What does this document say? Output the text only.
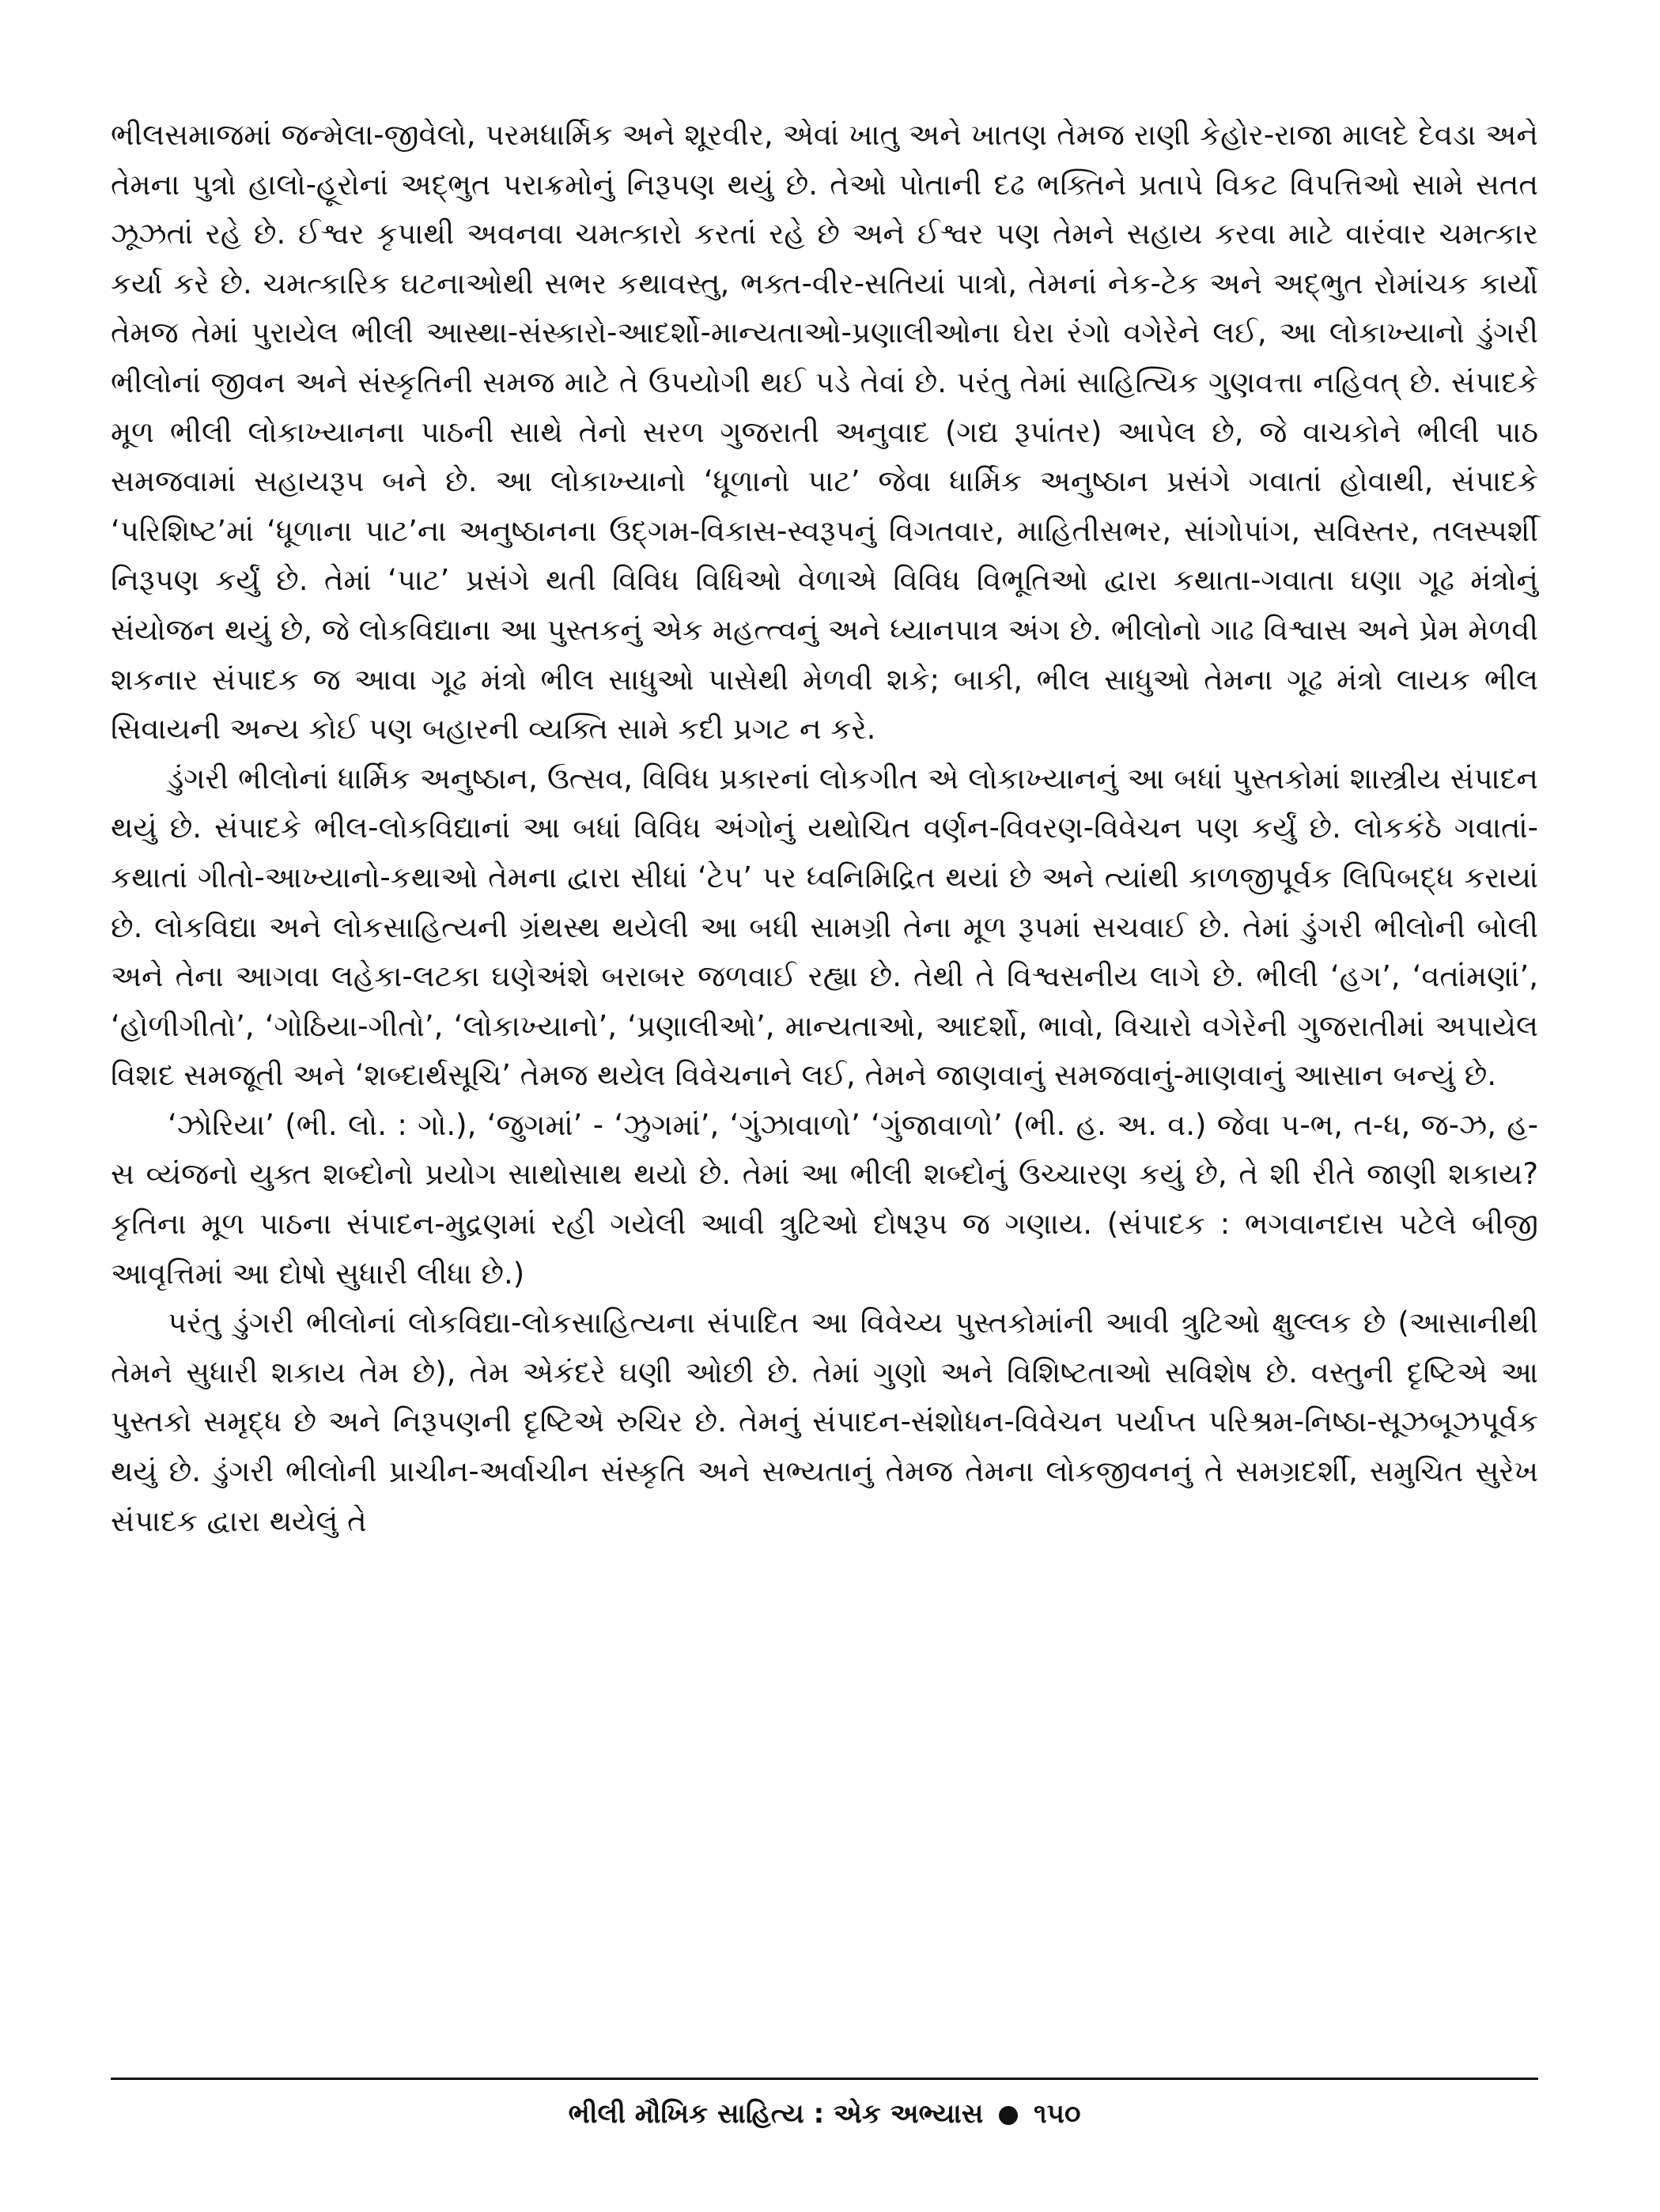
ભીલસમાજમાં જન્મેલા-જીવેલો, પરમધાર્મિક અને શૂરવીર, એવાં ખાતુ અને ખાતણ તેમજ રાણી કેહોર-રાજા માલદે દેવડા અને તેમના પુત્રો હાલો-હૂરોનાં અદ્‌ભુત પરાક્રમોનું નિરૂપણ થયું છે. તેઓ પોતાની દઢ ભક્તિને પ્રતાપે વિકટ વિપત્તિઓ સામે સતત ઝૂઝતાં રહે છે. ઈશ્વર કૃપાથી અવનવા ચમત્કારો કરતાં રહે છે અને ઈશ્વર પણ તેમને સહાય કરવા માટે વારંવાર ચમત્કાર કર્યા કરે છે. ચમત્કારિક ઘટનાઓથી સભર કથાવસ્તુ, ભક્ત-વીર-સતિયાં પાત્રો, તેમનાં નેક-ટેક અને અદ્‌ભુત રોમાંચક કાર્યો તેમજ તેમાં પુરાયેલ ભીલી આસ્થા-સંસ્કારો-આદર્શો-માન્યતાઓ-પ્રણાલીઓના ઘેરા રંગો વગેરેને લઈ, આ લોકાખ્યાનો ડુંગરી ભીલોનાં જીવન અને સંસ્કૃતિની સમજ માટે તે ઉપયોગી થઈ પડે તેવાં છે. પરંતુ તેમાં સાહિત્યિક ગુણવત્તા નહિવત્ છે. સંપાદકે મૂળ ભીલી લોકાખ્યાનના પાઠની સાથે તેનો સરળ ગુજરાતી અનુવાદ (ગદ્ય રૂપાંતર) આપેલ છે, જે વાચકોને ભીલી પાઠ સમજવામાં સહાયરૂપ બને છે. આ લોકાખ્યાનો ‘ધૂળાનો પાટ’ જેવા ધાર્મિક અનુષ્ઠાન પ્રસંગે ગવાતાં હોવાથી, સંપાદકે ‘પરિશિષ્ટ’માં ‘ધૂળાના પાટ’ના અનુષ્ઠાનના ઉદ્‌ગમ-વિકાસ-સ્વરૂપનું વિગતવાર, માહિતીસભર, સાંગોપાંગ, સવિસ્તર, તલસ્પર્શી નિરૂપણ કર્યું છે. તેમાં ‘પાટ’ પ્રસંગે થતી વિવિધ વિધિઓ વેળાએ વિવિધ વિભૂતિઓ દ્વારા કથાતા-ગવાતા ઘણા ગૂઢ મંત્રોનું સંયોજન થયું છે, જે લોકવિદ્યાના આ પુસ્તકનું એક મહત્ત્વનું અને ધ્યાનપાત્ર અંગ છે. ભીલોનો ગાઢ વિશ્વાસ અને પ્રેમ મેળવી શકનાર સંપાદક જ આવા ગૂઢ મંત્રો ભીલ સાધુઓ પાસેથી મેળવી શકે; બાકી, ભીલ સાધુઓ તેમના ગૂઢ મંત્રો લાયક ભીલ સિવાયની અન્ય કોઈ પણ બહારની વ્યક્તિ સામે કદી પ્રગટ ન કરે.

ડુંગરી ભીલોનાં ધાર્મિક અનુષ્ઠાન, ઉત્સવ, વિવિધ પ્રકારનાં લોકગીત એ લોકાખ્યાનનું આ બધાં પુસ્તકોમાં શાસ્ત્રીય સંપાદન થયું છે. સંપાદકે ભીલ-લોકવિદ્યાનાં આ બધાં વિવિધ અંગોનું યથોચિત વર્ણન-વિવરણ-વિવેચન પણ કર્યું છે. લોકકંઠે ગવાતાં-કથાતાં ગીતો-આખ્યાનો-કથાઓ તેમના દ્વારા સીધાં ‘ટેપ’ પર ધ્વનિમિદ્રિત થયાં છે અને ત્યાંથી કાળજીપૂર્વક લિપિબદ્ધ કરાયાં છે. લોકવિદ્યા અને લોકસાહિત્યની ગ્રંથસ્થ થયેલી આ બધી સામગ્રી તેના મૂળ રૂપમાં સચવાઈ છે. તેમાં ડુંગરી ભીલોની બોલી અને તેના આગવા લહેકા-લટકા ઘણેઅંશે બરાબર જળવાઈ રહ્યા છે. તેથી તે વિશ્વસનીય લાગે છે. ભીલી ‘હગ’, ‘વતાંમણાં’, ‘હોળીગીતો’, ‘ગોઠિયા-ગીતો’, ‘લોકાખ્યાનો’, ‘પ્રણાલીઓ’, માન્યતાઓ, આદર્શો, ભાવો, વિચારો વગેરેની ગુજરાતીમાં અપાયેલ વિશદ સમજૂતી અને ‘શબ્દાર્થસૂચિ’ તેમજ થયેલ વિવેચનાને લઈ, તેમને જાણવાનું સમજવાનું-માણવાનું આસાન બન્યું છે.

‘ઝોરિયા’ (ભી. લો. : ગો.), ‘જુગમાં’ - ‘ઝુગમાં’, ‘ગુંઝાવાળો’ ‘ગુંજાવાળો’ (ભી. હ. અ. વ.) જેવા પ-ભ, ત-ધ, જ-ઝ, હ-સ વ્યંજનો યુક્ત શબ્દોનો પ્રયોગ સાથોસાથ થયો છે. તેમાં આ ભીલી શબ્દોનું ઉચ્ચારણ કયું છે, તે શી રીતે જાણી શકાય? કૃતિના મૂળ પાઠના સંપાદન-મુદ્રણમાં રહી ગયેલી આવી ત્રુટિઓ દોષરૂપ જ ગણાય. (સંપાદક : ભગવાનદાસ પટેલે બીજી આવૃત્તિમાં આ દોષો સુધારી લીધા છે.)

પરંતુ ડુંગરી ભીલોનાં લોકવિદ્યા-લોકસાહિત્યના સંપાદિત આ વિવેચ્ય પુસ્તકોમાંની આવી ત્રુટિઓ ક્ષુલ્લક છે (આસાનીથી તેમને સુધારી શકાય તેમ છે), તેમ એકંદરે ઘણી ઓછી છે. તેમાં ગુણો અને વિશિષ્ટતાઓ સવિશેષ છે. વસ્તુની દૃષ્ટિએ આ પુસ્તકો સમૃદ્ધ છે અને નિરૂપણની દૃષ્ટિએ રુચિર છે. તેમનું સંપાદન-સંશોધન-વિવેચન પર્યાપ્ત પરિશ્રમ-નિષ્ઠા-સૂઝબૂઝપૂર્વક થયું છે. ડુંગરી ભીલોની પ્રાચીન-અર્વાચીન સંસ્કૃતિ અને સભ્યતાનું તેમજ તેમના લોકજીવનનું તે સમગ્રદર્શી, સમુચિત સુરેખ સંપાદક દ્વારા થયેલું તે

ભીલી મૌખિક સાહિત્ય : એક અભ્યાસ ૧૫૦
